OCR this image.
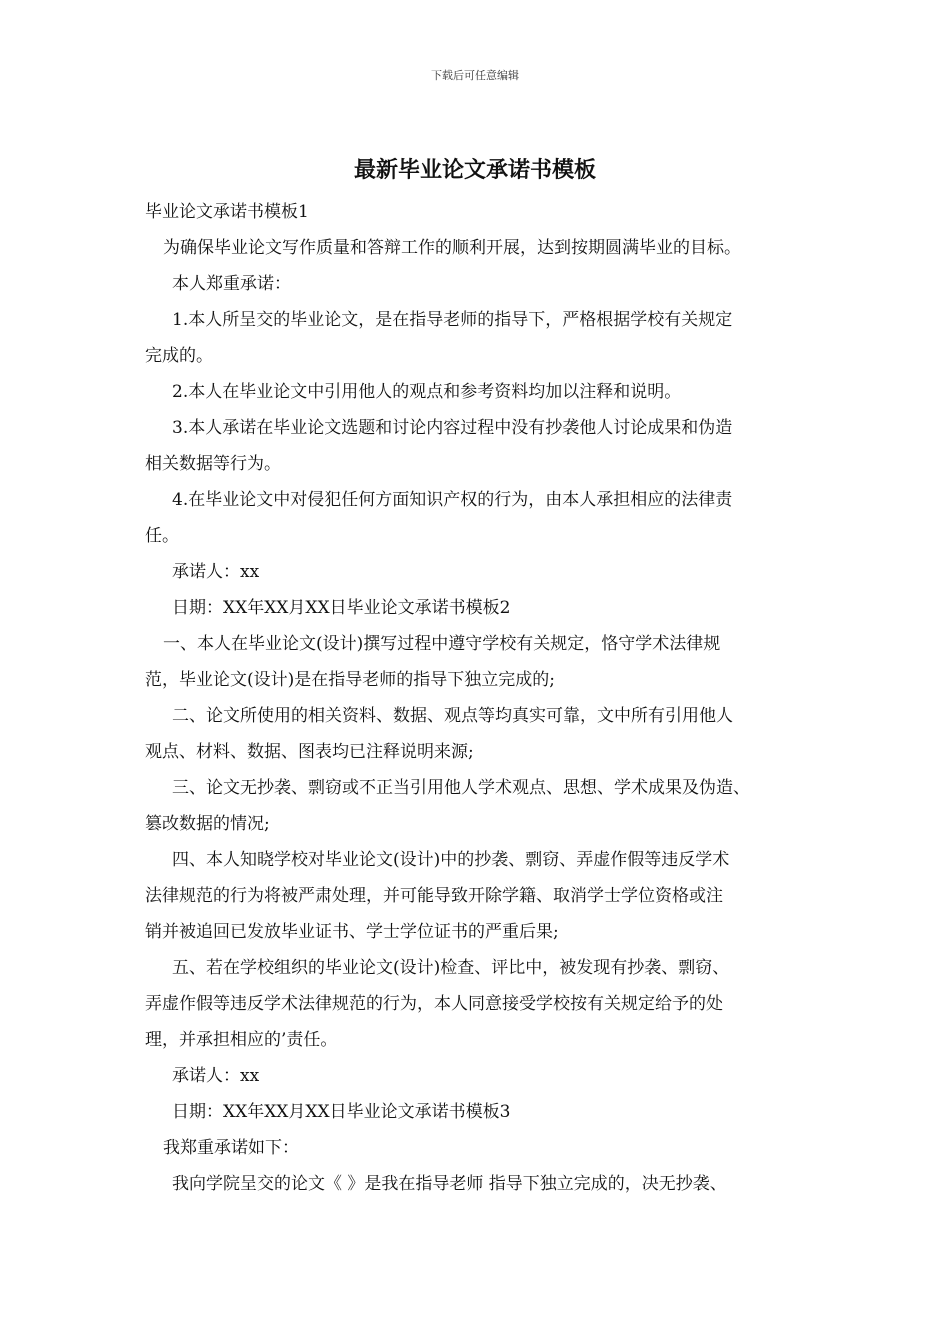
下载后可任意编辑
最新毕业论文承诺书模板
毕业论文承诺书模板1
为确保毕业论文写作质量和答辩工作的顺利开展，达到按期圆满毕业的目标。
本人郑重承诺：
1.本人所呈交的毕业论文，是在指导老师的指导下，严格根据学校有关规定
完成的。
2.本人在毕业论文中引用他人的观点和参考资料均加以注释和说明。
3.本人承诺在毕业论文选题和讨论内容过程中没有抄袭他人讨论成果和伪造
相关数据等行为。
4.在毕业论文中对侵犯任何方面知识产权的行为，由本人承担相应的法律责
任。
承诺人：xx
日期：XX年XX月XX日毕业论文承诺书模板2
一、本人在毕业论文(设计)撰写过程中遵守学校有关规定，恪守学术法律规
范，毕业论文(设计)是在指导老师的指导下独立完成的;
二、论文所使用的相关资料、数据、观点等均真实可靠，文中所有引用他人
观点、材料、数据、图表均已注释说明来源;
三、论文无抄袭、剽窃或不正当引用他人学术观点、思想、学术成果及伪造、
篡改数据的情况;
四、本人知晓学校对毕业论文(设计)中的抄袭、剽窃、弄虚作假等违反学术
法律规范的行为将被严肃处理，并可能导致开除学籍、取消学士学位资格或注
销并被追回已发放毕业证书、学士学位证书的严重后果;
五、若在学校组织的毕业论文(设计)检查、评比中，被发现有抄袭、剽窃、
弄虚作假等违反学术法律规范的行为，本人同意接受学校按有关规定给予的处
理，并承担相应的’责任。
承诺人：xx
日期：XX年XX月XX日毕业论文承诺书模板3
我郑重承诺如下：
我向学院呈交的论文《 》是我在指导老师 指导下独立完成的，决无抄袭、
